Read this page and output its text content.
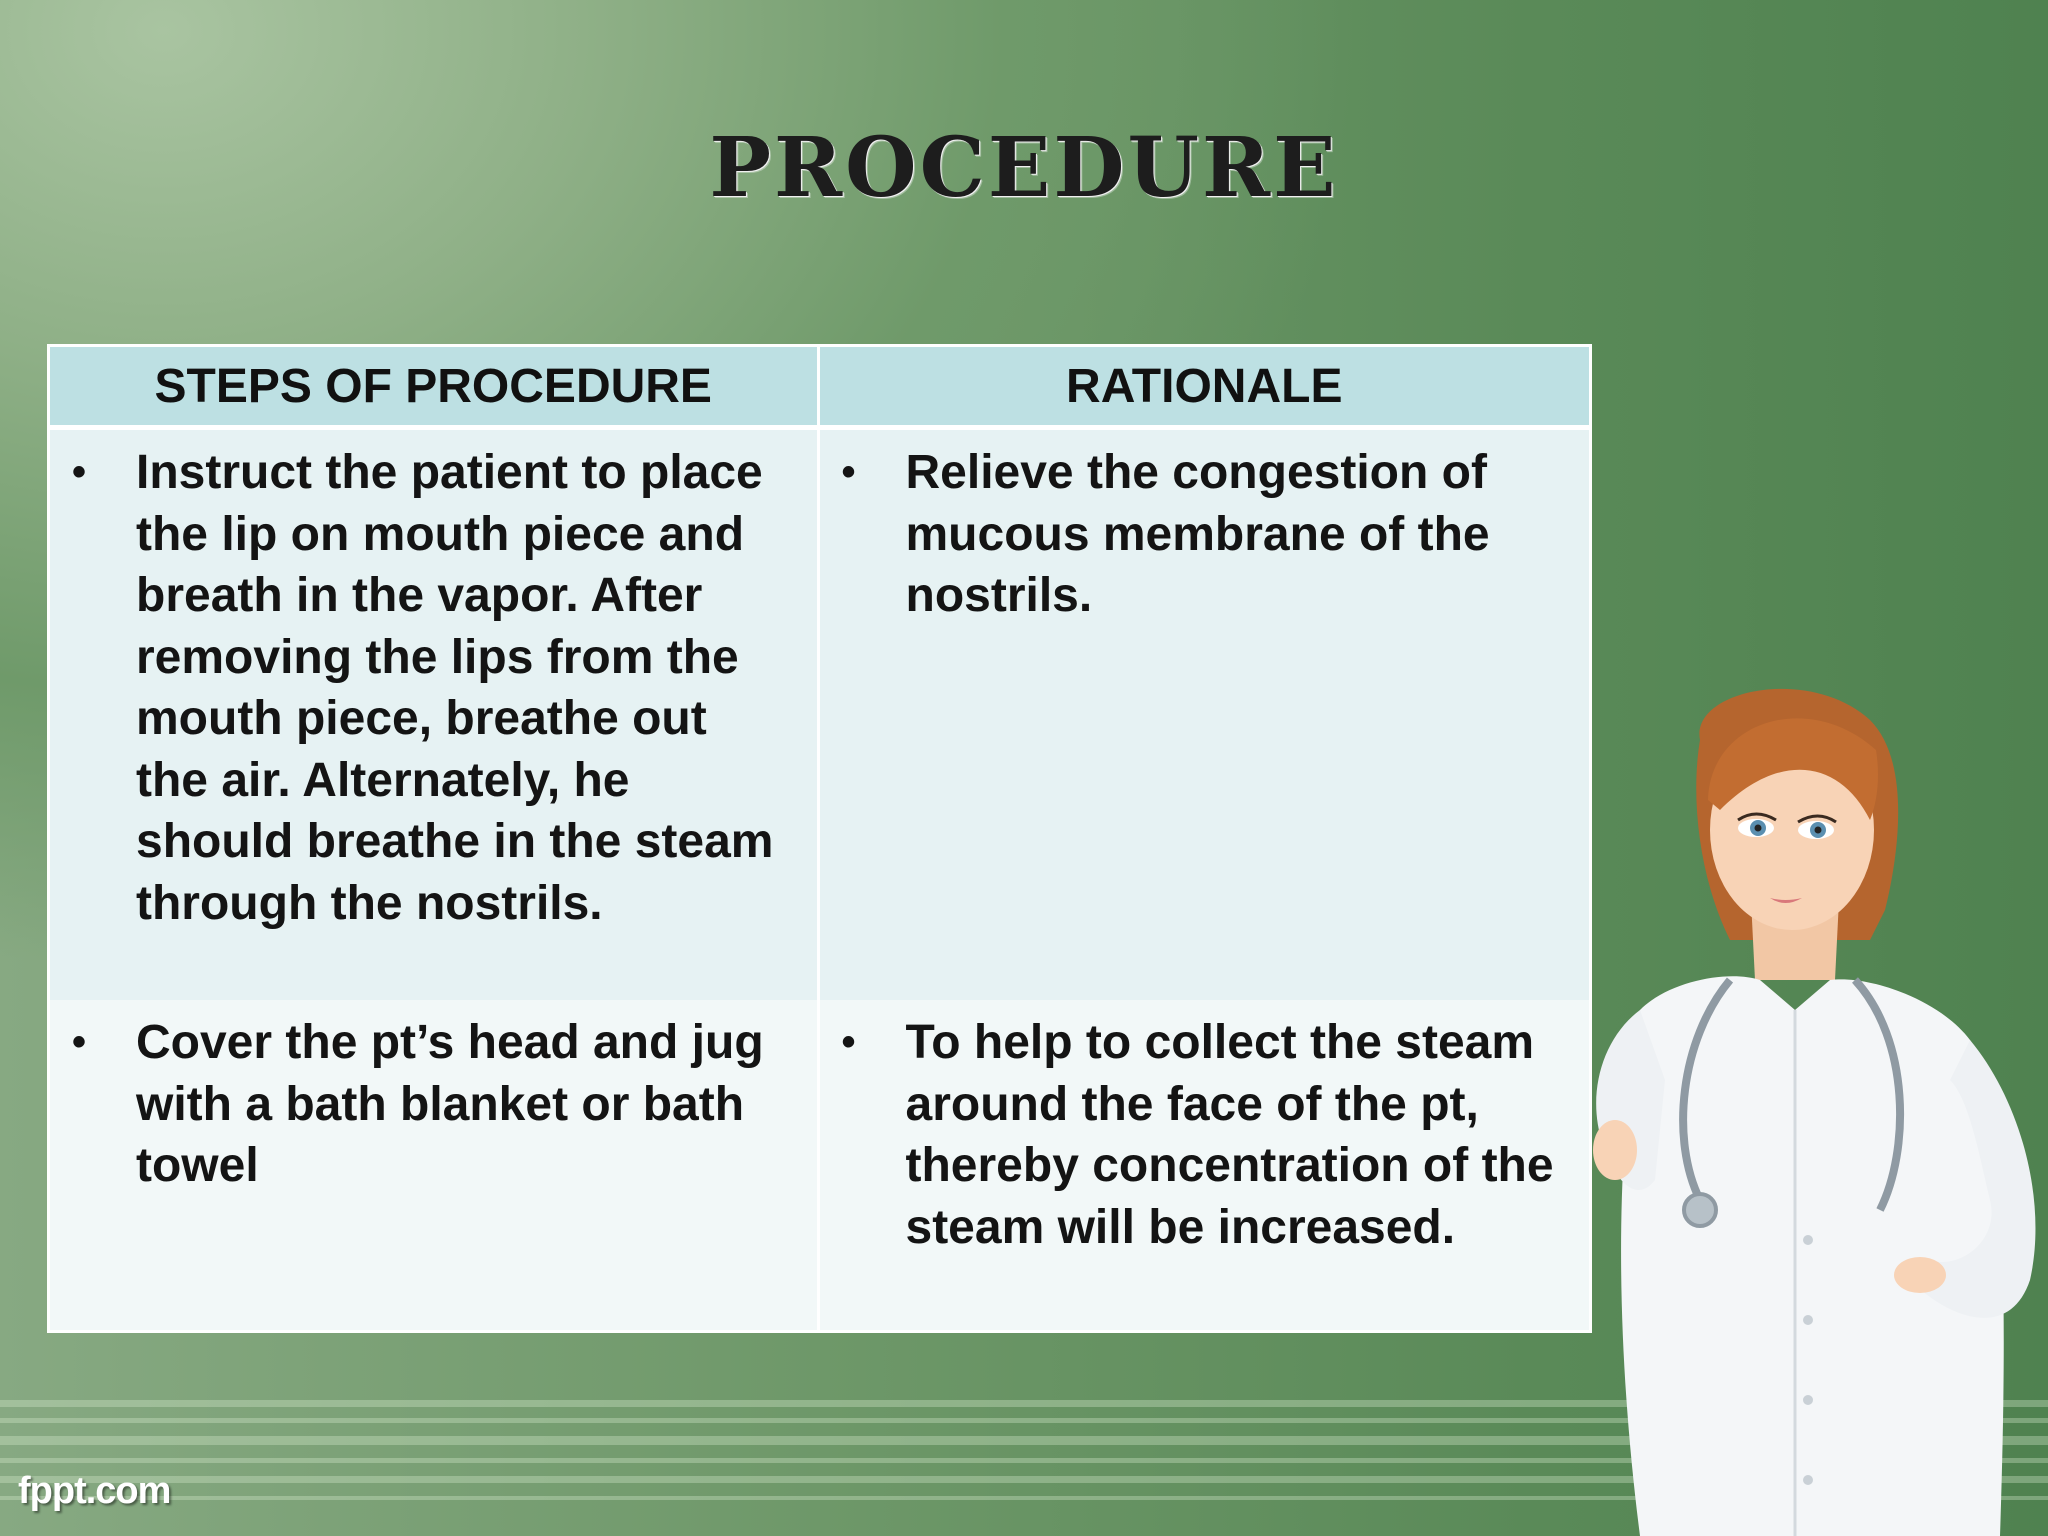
PROCEDURE
STEPS OF PROCEDURE	RATIONALE

• Instruct the patient to place the lip on mouth piece and breath in the vapor. After removing the lips from the mouth piece, breathe out the air. Alternately, he should breathe in the steam through the nostrils.	• Relieve the congestion of mucous membrane of the nostrils.

• Cover the pt’s head and jug with a bath blanket or bath towel	• To help to collect the steam around the face of the pt, thereby concentration of the steam will be increased.
fppt.com
